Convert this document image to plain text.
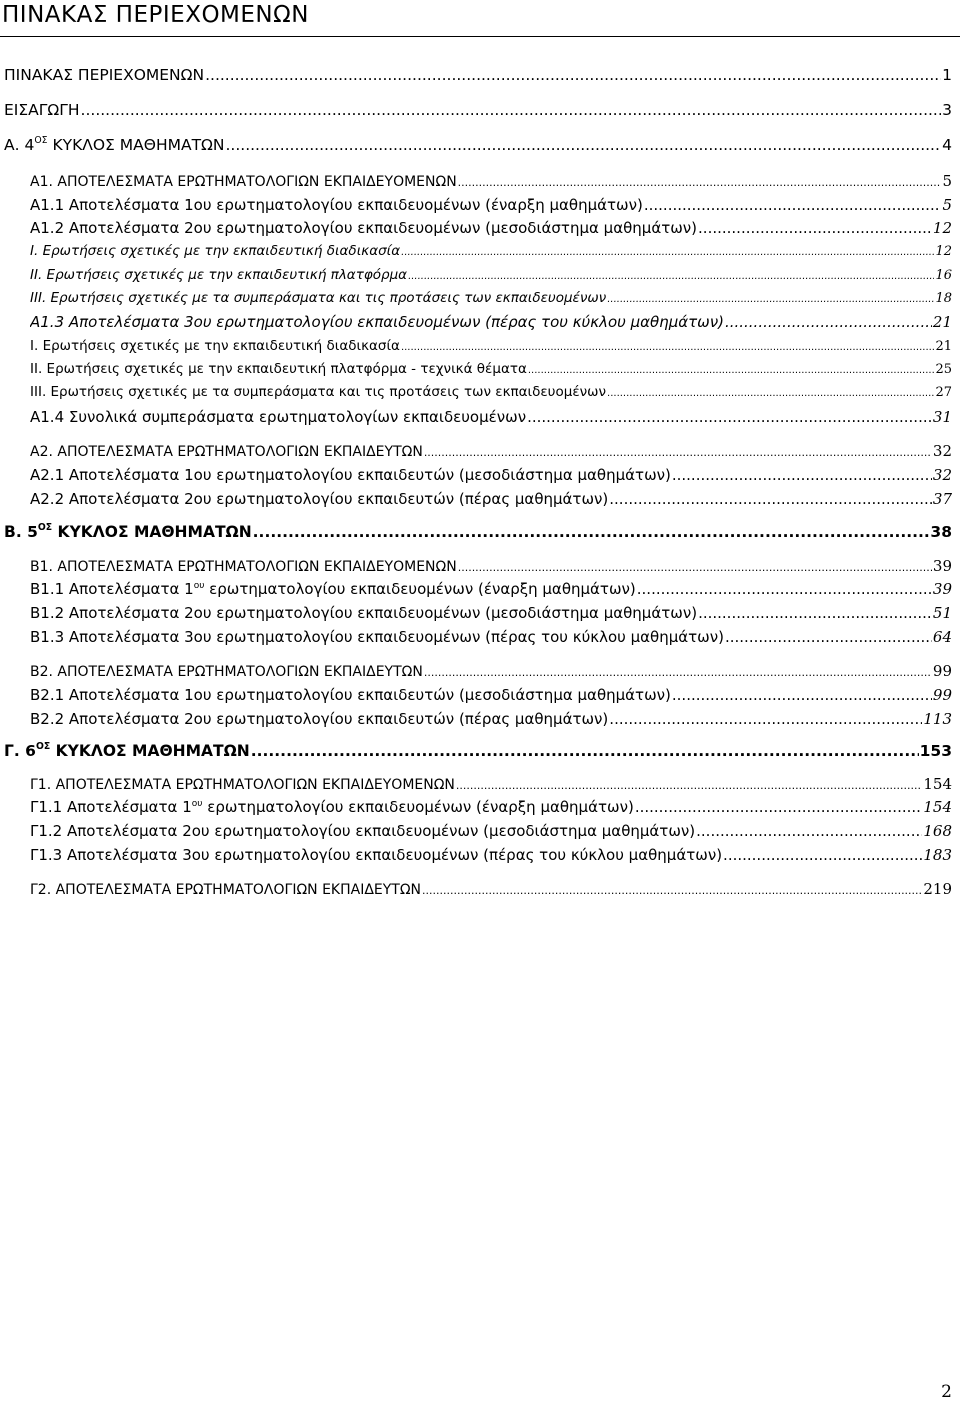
ΠΙΝΑΚΑΣ ΠΕΡΙΕΧΟΜΕΝΩΝ
ΠΙΝΑΚΑΣ ΠΕΡΙΕΧΟΜΕΝΩΝ .....	1
ΕΙΣΑΓΩΓΗ .....	3
Α. $4^{O\Sigma}$ ΚΥΚΛΟΣ ΜΑΘΗΜΑΤΩΝ .....	4
Α1. ΑΠΟΤΕΛΕΣΜΑΤΑ ΕΡΩΤΗΜΑΤΟΛΟΓΙΩΝ ΕΚΠΑΙΔΕΥΟΜΕΝΩΝ .....	5
Α1.1 Αποτελέσματα 1ου ερωτηματολογίου εκπαιδευομένων (έναρξη μαθημάτων) .....	5
Α1.2 Αποτελέσματα 2ου ερωτηματολογίου εκπαιδευομένων (μεσοδιάστημα μαθημάτων) .....	12
Ι. Ερωτήσεις σχετικές με την εκπαιδευτική διαδικασία .....	12
ΙΙ. Ερωτήσεις σχετικές με την εκπαιδευτική πλατφόρμα .....	16
ΙΙΙ. Ερωτήσεις σχετικές με τα συμπεράσματα και τις προτάσεις των εκπαιδευομένων .....	18
Α1.3 Αποτελέσματα 3ου ερωτηματολογίου εκπαιδευομένων (πέρας του κύκλου μαθημάτων) .....	21
Ι. Ερωτήσεις σχετικές με την εκπαιδευτική διαδικασία .....	21
ΙΙ. Ερωτήσεις σχετικές με την εκπαιδευτική πλατφόρμα - τεχνικά θέματα .....	25
ΙΙΙ. Ερωτήσεις σχετικές με τα συμπεράσματα και τις προτάσεις των εκπαιδευομένων .....	27
Α1.4 Συνολικά συμπεράσματα ερωτηματολογίων εκπαιδευομένων .....	31
Α2. ΑΠΟΤΕΛΕΣΜΑΤΑ ΕΡΩΤΗΜΑΤΟΛΟΓΙΩΝ ΕΚΠΑΙΔΕΥΤΩΝ .....	32
Α2.1 Αποτελέσματα 1ου ερωτηματολογίου εκπαιδευτών (μεσοδιάστημα μαθημάτων) .....	32
Α2.2 Αποτελέσματα 2ου ερωτηματολογίου εκπαιδευτών (πέρας μαθημάτων) .....	37
Β. $5^{O\Sigma}$ ΚΥΚΛΟΣ ΜΑΘΗΜΑΤΩΝ .....	38
Β1. ΑΠΟΤΕΛΕΣΜΑΤΑ ΕΡΩΤΗΜΑΤΟΛΟΓΙΩΝ ΕΚΠΑΙΔΕΥΟΜΕΝΩΝ .....	39
Β1.1 Αποτελέσματα $1^{o\upsilon}$ ερωτηματολογίου εκπαιδευομένων (έναρξη μαθημάτων) .....	39
Β1.2 Αποτελέσματα 2ου ερωτηματολογίου εκπαιδευομένων (μεσοδιάστημα μαθημάτων) .....	51
Β1.3 Αποτελέσματα 3ου ερωτηματολογίου εκπαιδευομένων (πέρας του κύκλου μαθημάτων) .....	64
Β2. ΑΠΟΤΕΛΕΣΜΑΤΑ ΕΡΩΤΗΜΑΤΟΛΟΓΙΩΝ ΕΚΠΑΙΔΕΥΤΩΝ .....	99
Β2.1 Αποτελέσματα 1ου ερωτηματολογίου εκπαιδευτών (μεσοδιάστημα μαθημάτων) .....	99
Β2.2 Αποτελέσματα 2ου ερωτηματολογίου εκπαιδευτών (πέρας μαθημάτων) .....	113
Γ. $6^{O\Sigma}$ ΚΥΚΛΟΣ ΜΑΘΗΜΑΤΩΝ .....	153
Γ1. ΑΠΟΤΕΛΕΣΜΑΤΑ ΕΡΩΤΗΜΑΤΟΛΟΓΙΩΝ ΕΚΠΑΙΔΕΥΟΜΕΝΩΝ .....	154
Γ1.1 Αποτελέσματα $1^{o\upsilon}$ ερωτηματολογίου εκπαιδευομένων (έναρξη μαθημάτων) .....	154
Γ1.2 Αποτελέσματα 2ου ερωτηματολογίου εκπαιδευομένων (μεσοδιάστημα μαθημάτων) .....	168
Γ1.3 Αποτελέσματα 3ου ερωτηματολογίου εκπαιδευομένων (πέρας του κύκλου μαθημάτων) .....	183
Γ2. ΑΠΟΤΕΛΕΣΜΑΤΑ ΕΡΩΤΗΜΑΤΟΛΟΓΙΩΝ ΕΚΠΑΙΔΕΥΤΩΝ .....	219
2
